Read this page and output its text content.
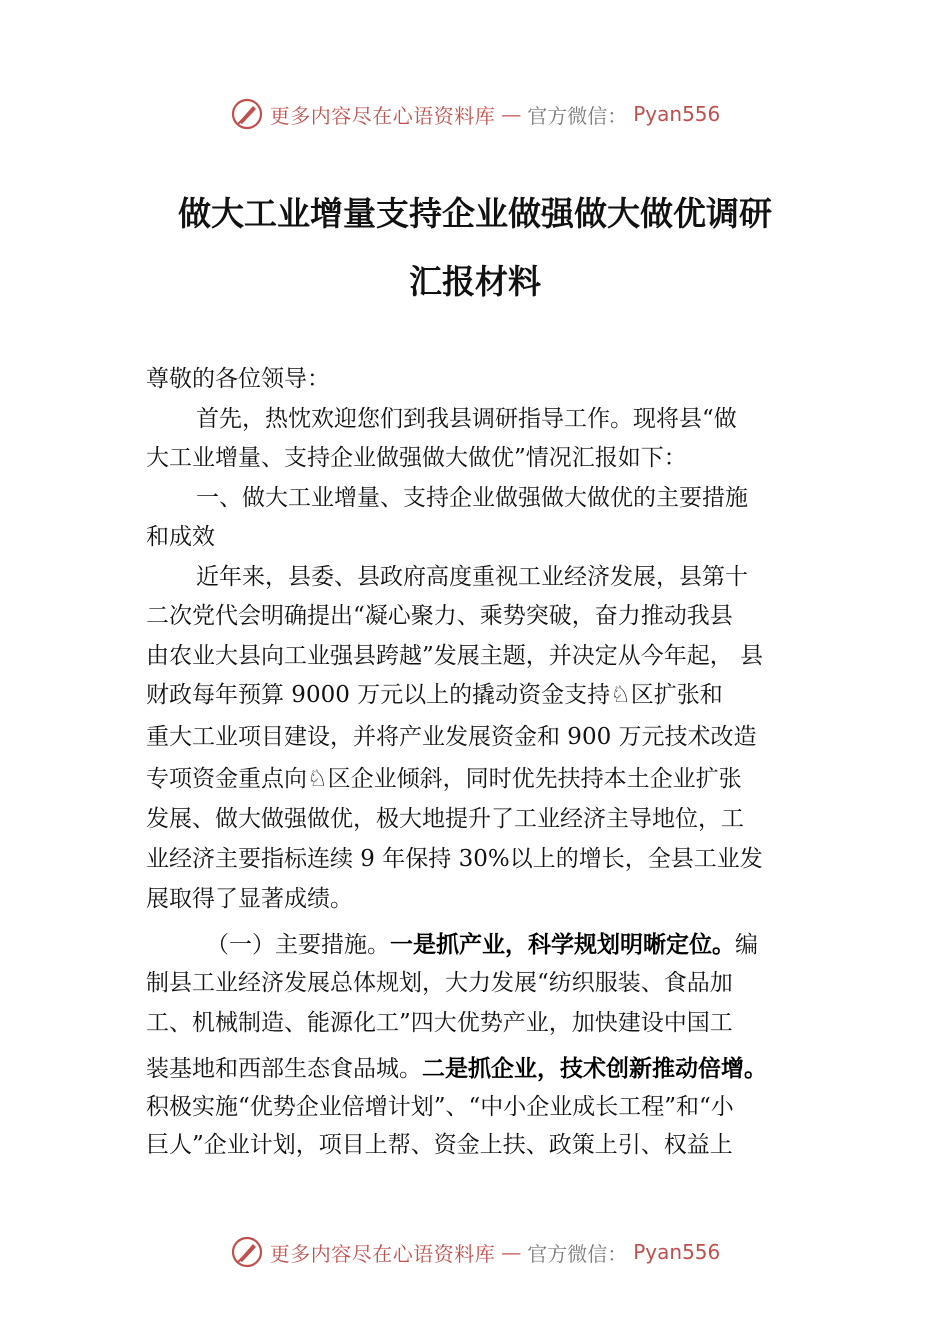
更多内容尽在心语资料库 — 官方微信： Pyan556
做大工业增量支持企业做强做大做优调研
汇报材料
尊敬的各位领导：
首先，热忱欢迎您们到我县调研指导工作。现将县“做
大工业增量、支持企业做强做大做优”情况汇报如下：
一、做大工业增量、支持企业做强做大做优的主要措施
和成效
近年来，县委、县政府高度重视工业经济发展，县第十
二次党代会明确提出“凝心聚力、乘势突破，奋力推动我县
由农业大县向工业强县跨越”发展主题，并决定从今年起， 县
财政每年预算 9000 万元以上的撬动资金支持♘区扩张和
重大工业项目建设，并将产业发展资金和 900 万元技术改造
专项资金重点向♘区企业倾斜，同时优先扶持本土企业扩张
发展、做大做强做优，极大地提升了工业经济主导地位，工
业经济主要指标连续 9 年保持 30%以上的增长，全县工业发
展取得了显著成绩。
（一）主要措施。一是抓产业，科学规划明晰定位。编
制县工业经济发展总体规划，大力发展“纺织服装、食品加
工、机械制造、能源化工”四大优势产业，加快建设中国工
装基地和西部生态食品城。二是抓企业，技术创新推动倍增。
积极实施“优势企业倍增计划”、“中小企业成长工程”和“小
巨人”企业计划，项目上帮、资金上扶、政策上引、权益上
更多内容尽在心语资料库 — 官方微信： Pyan556
